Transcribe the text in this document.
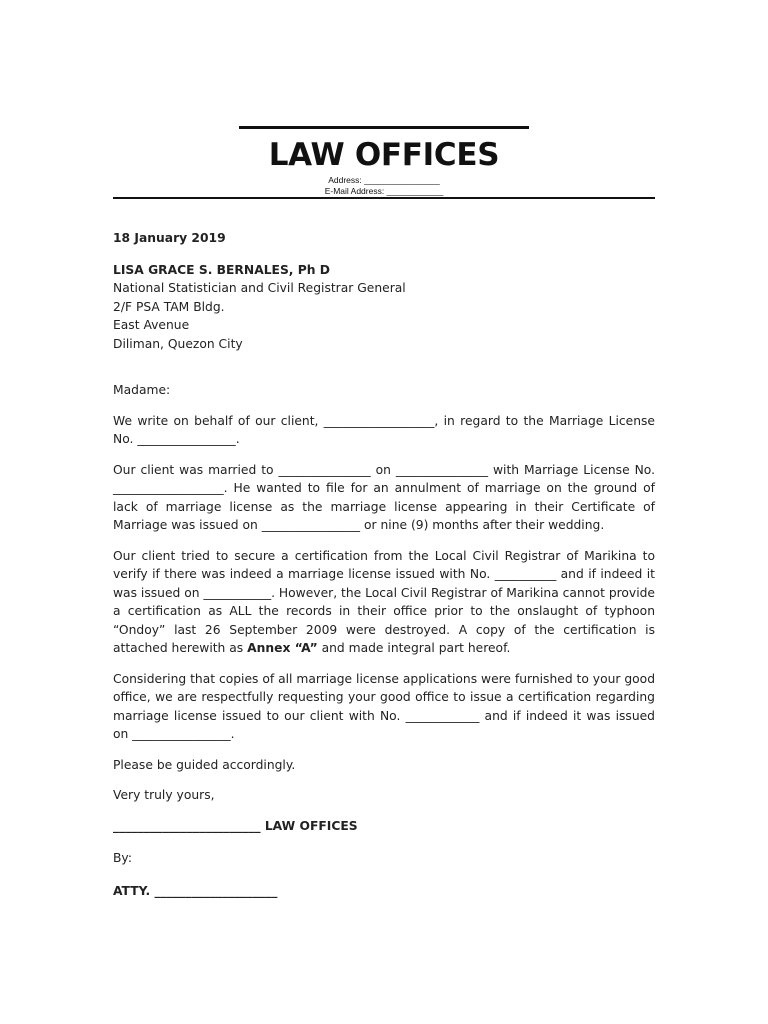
LAW OFFICES
Address: ________________
E-Mail Address: ____________

18 January 2019

LISA GRACE S. BERNALES, Ph D
National Statistician and Civil Registrar General
2/F PSA TAM Bldg.
East Avenue
Diliman, Quezon City

Madame:

We write on behalf of our client, __________________, in regard to the Marriage License No. ________________.

Our client was married to _______________ on _______________ with Marriage License No. __________________. He wanted to file for an annulment of marriage on the ground of lack of marriage license as the marriage license appearing in their Certificate of Marriage was issued on ________________ or nine (9) months after their wedding.

Our client tried to secure a certification from the Local Civil Registrar of Marikina to verify if there was indeed a marriage license issued with No. __________ and if indeed it was issued on ___________. However, the Local Civil Registrar of Marikina cannot provide a certification as ALL the records in their office prior to the onslaught of typhoon “Ondoy” last 26 September 2009 were destroyed. A copy of the certification is attached herewith as Annex “A” and made integral part hereof.

Considering that copies of all marriage license applications were furnished to your good office, we are respectfully requesting your good office to issue a certification regarding marriage license issued to our client with No. ____________ and if indeed it was issued on ________________.

Please be guided accordingly.

Very truly yours,

________________________ LAW OFFICES

By:

ATTY. ____________________
